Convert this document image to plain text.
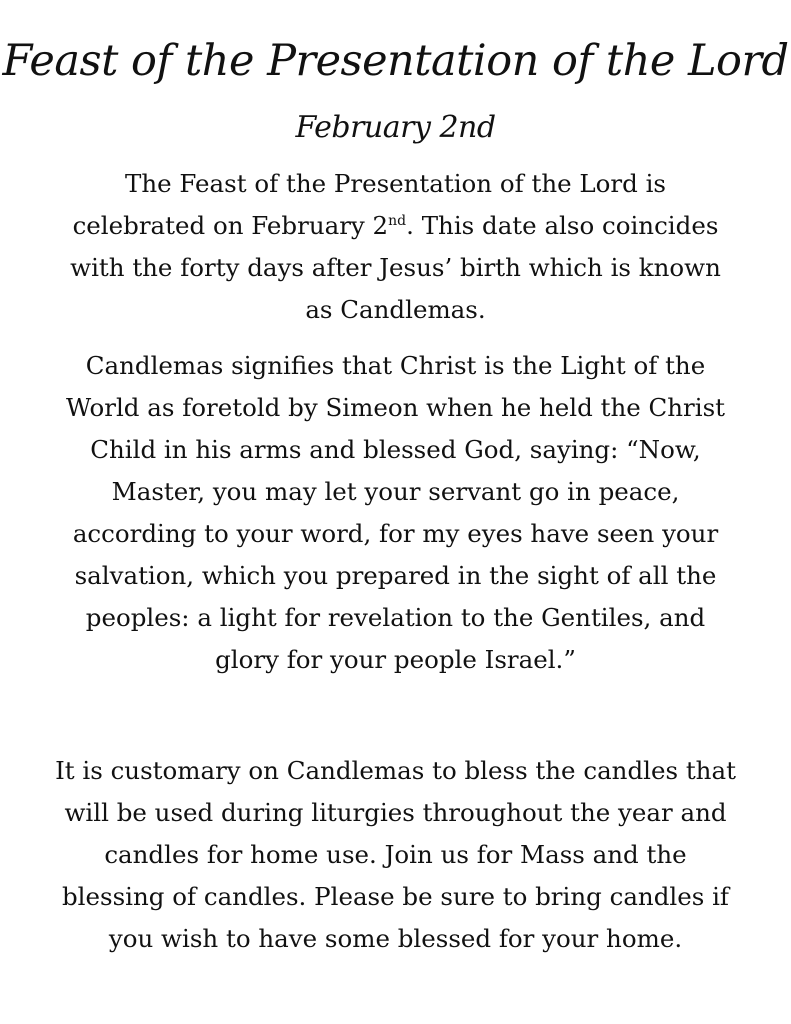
Feast of the Presentation of the Lord
February 2nd

The Feast of the Presentation of the Lord is celebrated on February 2nd. This date also coincides with the forty days after Jesus’ birth which is known as Candlemas.

Candlemas signifies that Christ is the Light of the World as foretold by Simeon when he held the Christ Child in his arms and blessed God, saying: “Now, Master, you may let your servant go in peace, according to your word, for my eyes have seen your salvation, which you prepared in the sight of all the peoples: a light for revelation to the Gentiles, and glory for your people Israel.”

It is customary on Candlemas to bless the candles that will be used during liturgies throughout the year and candles for home use. Join us for Mass and the blessing of candles. Please be sure to bring candles if you wish to have some blessed for your home.
